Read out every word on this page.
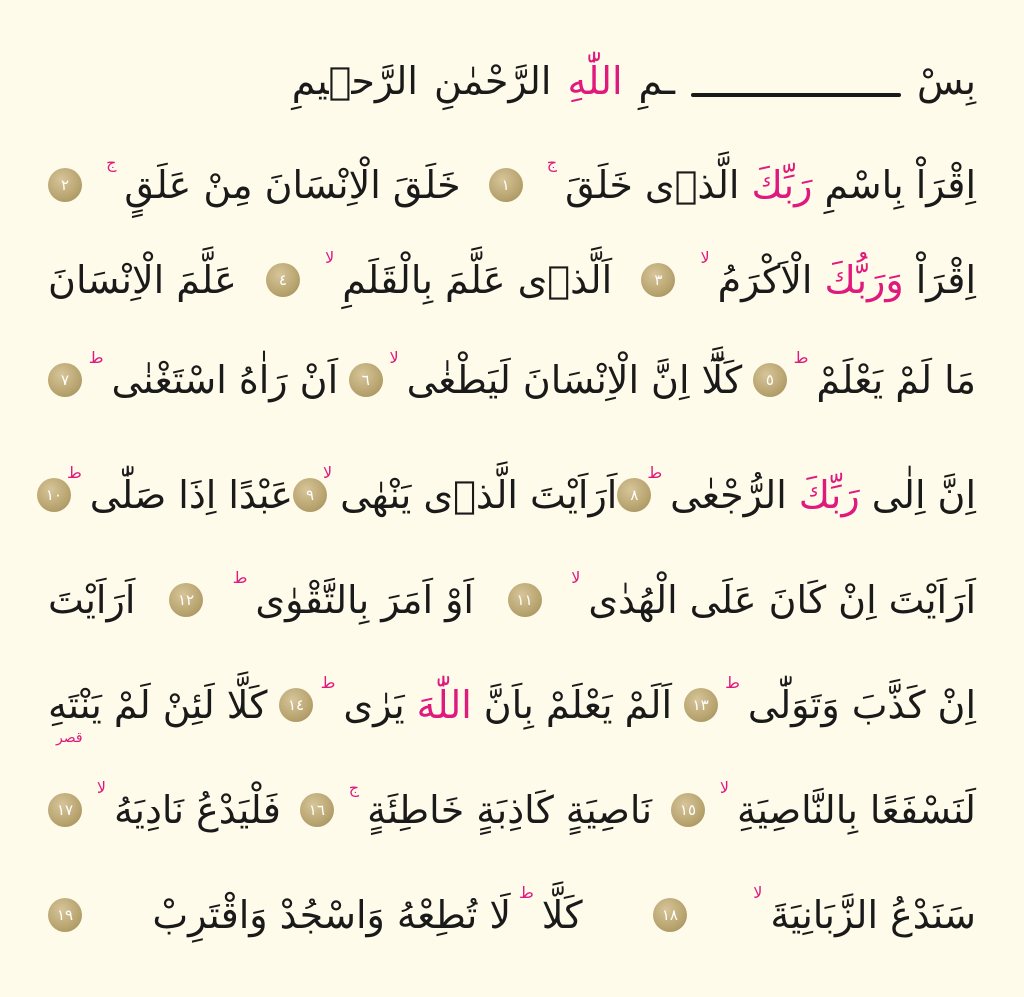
بِسْ
ـمِ
اللّٰهِ
الرَّحْمٰنِ
الرَّح۪يمِ
اِقْرَاْ
بِاسْمِ
رَبِّكَ
الَّذ۪ى
خَلَقَ
ج
١
خَلَقَ
الْاِنْسَانَ
مِنْ
عَلَقٍ
ج
٢
اِقْرَاْ
وَرَبُّكَ
الْاَكْرَمُ
لا
٣
اَلَّذ۪ى
عَلَّمَ
بِالْقَلَمِ
لا
٤
عَلَّمَ
الْاِنْسَانَ
مَا
لَمْ
يَعْلَمْ
ط
٥
كَلَّٓا
اِنَّ
الْاِنْسَانَ
لَيَطْغٰى
لا
٦
اَنْ
رَاٰهُ
اسْتَغْنٰى
ط
٧
اِنَّ
اِلٰى
رَبِّكَ
الرُّجْعٰى
ط
٨
اَرَاَيْتَ
الَّذ۪ى
يَنْهٰى
لا
٩
عَبْدًا
اِذَا
صَلّٰى
ط
١٠
اَرَاَيْتَ
اِنْ
كَانَ
عَلَى
الْهُدٰى
لا
١١
اَوْ
اَمَرَ
بِالتَّقْوٰى
ط
١٢
اَرَاَيْتَ
اِنْ
كَذَّبَ
وَتَوَلّٰى
ط
١٣
اَلَمْ
يَعْلَمْ
بِاَنَّ
اللّٰهَ
يَرٰى
ط
١٤
كَلَّا
لَئِنْ
لَمْ
يَنْتَهِ
قصر
لَنَسْفَعًا
بِالنَّاصِيَةِ
لا
١٥
نَاصِيَةٍ
كَاذِبَةٍ
خَاطِئَةٍ
ج
١٦
فَلْيَدْعُ
نَادِيَهُ
لا
١٧
سَنَدْعُ
الزَّبَانِيَةَ
لا
١٨
كَلَّا
ط
لَا
تُطِعْهُ
وَاسْجُدْ
وَاقْتَرِبْ
١٩
